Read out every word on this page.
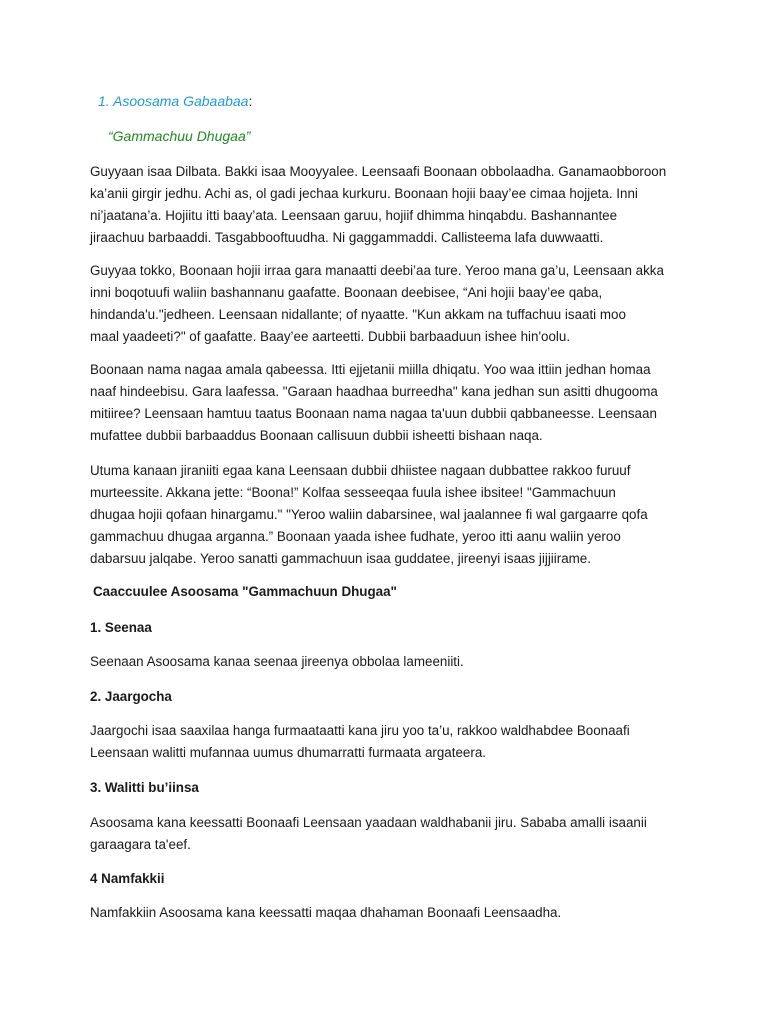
1. Asoosama Gabaabaa:
“Gammachuu Dhugaa”
Guyyaan isaa Dilbata. Bakki isaa Mooyyalee. Leensaafi Boonaan obbolaadha. Ganamaobboroon
ka’anii girgir jedhu. Achi as, ol gadi jechaa kurkuru. Boonaan hojii baay’ee cimaa hojjeta. Inni
ni’jaatana’a. Hojiitu itti baay’ata. Leensaan garuu, hojiif dhimma hinqabdu. Bashannantee
jiraachuu barbaaddi. Tasgabbooftuudha. Ni gaggammaddi. Callisteema lafa duwwaatti.
Guyyaa tokko, Boonaan hojii irraa gara manaatti deebi’aa ture. Yeroo mana ga’u, Leensaan akka
inni boqotuufi waliin bashannanu gaafatte. Boonaan deebisee, “Ani hojii baay’ee qaba,
hindanda'u."jedheen. Leensaan nidallante; of nyaatte. "Kun akkam na tuffachuu isaati moo
maal yaadeeti?" of gaafatte. Baay’ee aarteetti. Dubbii barbaaduun ishee hin'oolu.
Boonaan nama nagaa amala qabeessa. Itti ejjetanii miilla dhiqatu. Yoo waa ittiin jedhan homaa
naaf hindeebisu. Gara laafessa. "Garaan haadhaa burreedha" kana jedhan sun asitti dhugooma
mitiiree? Leensaan hamtuu taatus Boonaan nama nagaa ta'uun dubbii qabbaneesse. Leensaan
mufattee dubbii barbaaddus Boonaan callisuun dubbii isheetti bishaan naqa.
Utuma kanaan jiraniiti egaa kana Leensaan dubbii dhiistee nagaan dubbattee rakkoo furuuf
murteessite. Akkana jette: “Boona!” Kolfaa sesseeqaa fuula ishee ibsitee! "Gammachuun
dhugaa hojii qofaan hinargamu." "Yeroo waliin dabarsinee, wal jaalannee fi wal gargaarre qofa
gammachuu dhugaa arganna.” Boonaan yaada ishee fudhate, yeroo itti aanu waliin yeroo
dabarsuu jalqabe. Yeroo sanatti gammachuun isaa guddatee, jireenyi isaas jijjiirame.
Caaccuulee Asoosama "Gammachuun Dhugaa"
1. Seenaa
Seenaan Asoosama kanaa seenaa jireenya obbolaa lameeniiti.
2. Jaargocha
Jaargochi isaa saaxilaa hanga furmaataatti kana jiru yoo ta’u, rakkoo waldhabdee Boonaafi
Leensaan walitti mufannaa uumus dhumarratti furmaata argateera.
3. Walitti bu’iinsa
Asoosama kana keessatti Boonaafi Leensaan yaadaan waldhabanii jiru. Sababa amalli isaanii
garaagara ta'eef.
4 Namfakkii
Namfakkiin Asoosama kana keessatti maqaa dhahaman Boonaafi Leensaadha.
